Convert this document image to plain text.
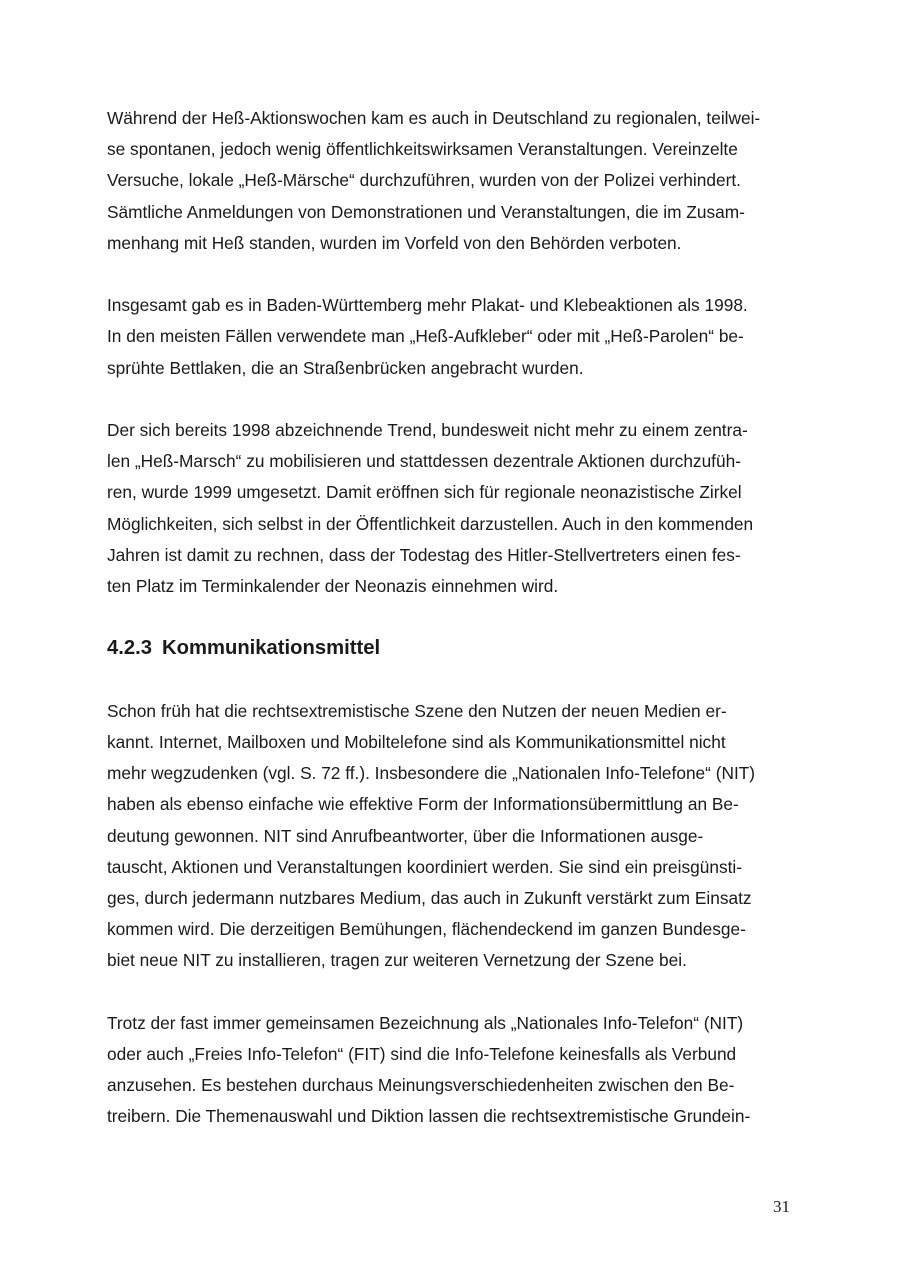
Während der Heß-Aktionswochen kam es auch in Deutschland zu regionalen, teilwei-
se spontanen, jedoch wenig öffentlichkeitswirksamen Veranstaltungen. Vereinzelte
Versuche, lokale „Heß-Märsche“ durchzuführen, wurden von der Polizei verhindert.
Sämtliche Anmeldungen von Demonstrationen und Veranstaltungen, die im Zusam-
menhang mit Heß standen, wurden im Vorfeld von den Behörden verboten.

Insgesamt gab es in Baden-Württemberg mehr Plakat- und Klebeaktionen als 1998.
In den meisten Fällen verwendete man „Heß-Aufkleber“ oder mit „Heß-Parolen“ be-
sprühte Bettlaken, die an Straßenbrücken angebracht wurden.

Der sich bereits 1998 abzeichnende Trend, bundesweit nicht mehr zu einem zentra-
len „Heß-Marsch“ zu mobilisieren und stattdessen dezentrale Aktionen durchzufüh-
ren, wurde 1999 umgesetzt. Damit eröffnen sich für regionale neonazistische Zirkel
Möglichkeiten, sich selbst in der Öffentlichkeit darzustellen. Auch in den kommenden
Jahren ist damit zu rechnen, dass der Todestag des Hitler-Stellvertreters einen fes-
ten Platz im Terminkalender der Neonazis einnehmen wird.

4.2.3 Kommunikationsmittel

Schon früh hat die rechtsextremistische Szene den Nutzen der neuen Medien er-
kannt. Internet, Mailboxen und Mobiltelefone sind als Kommunikationsmittel nicht
mehr wegzudenken (vgl. S. 72 ff.). Insbesondere die „Nationalen Info-Telefone“ (NIT)
haben als ebenso einfache wie effektive Form der Informationsübermittlung an Be-
deutung gewonnen. NIT sind Anrufbeantworter, über die Informationen ausge-
tauscht, Aktionen und Veranstaltungen koordiniert werden. Sie sind ein preisgünsti-
ges, durch jedermann nutzbares Medium, das auch in Zukunft verstärkt zum Einsatz
kommen wird. Die derzeitigen Bemühungen, flächendeckend im ganzen Bundesge-
biet neue NIT zu installieren, tragen zur weiteren Vernetzung der Szene bei.

Trotz der fast immer gemeinsamen Bezeichnung als „Nationales Info-Telefon“ (NIT)
oder auch „Freies Info-Telefon“ (FIT) sind die Info-Telefone keinesfalls als Verbund
anzusehen. Es bestehen durchaus Meinungsverschiedenheiten zwischen den Be-
treibern. Die Themenauswahl und Diktion lassen die rechtsextremistische Grundein-

31
